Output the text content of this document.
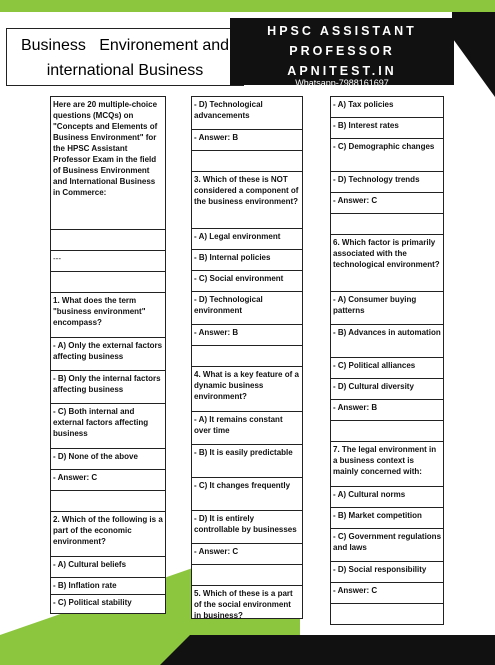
Business   Environement and
international Business
HPSC ASSISTANT
PROFESSOR
APNITEST.IN
Whatsapp-7988161697
Here are 20 multiple-choice questions (MCQs) on "Concepts and Elements of Business Environment" for the HPSC Assistant Professor Exam in the field of Business Environment and International Business in Commerce:
---
1. What does the term "business environment" encompass?
- A) Only the external factors affecting business
- B) Only the internal factors affecting business
- C) Both internal and external factors affecting business
- D) None of the above
- Answer: C
2. Which of the following is a part of the economic environment?
- A) Cultural beliefs
- B) Inflation rate
- C) Political stability
- D) Technological advancements
- Answer: B
3. Which of these is NOT considered a component of the business environment?
- A) Legal environment
- B) Internal policies
- C) Social environment
- D) Technological environment
- Answer: B
4. What is a key feature of a dynamic business environment?
- A) It remains constant over time
- B) It is easily predictable
- C) It changes frequently
- D) It is entirely controllable by businesses
- Answer: C
5. Which of these is a part of the social environment in business?
- A) Tax policies
- B) Interest rates
- C) Demographic changes
- D) Technology trends
- Answer: C
6. Which factor is primarily associated with the technological environment?
- A) Consumer buying patterns
- B) Advances in automation
- C) Political alliances
- D) Cultural diversity
- Answer: B
7. The legal environment in a business context is mainly concerned with:
- A) Cultural norms
- B) Market competition
- C) Government regulations and laws
- D) Social responsibility
- Answer: C
